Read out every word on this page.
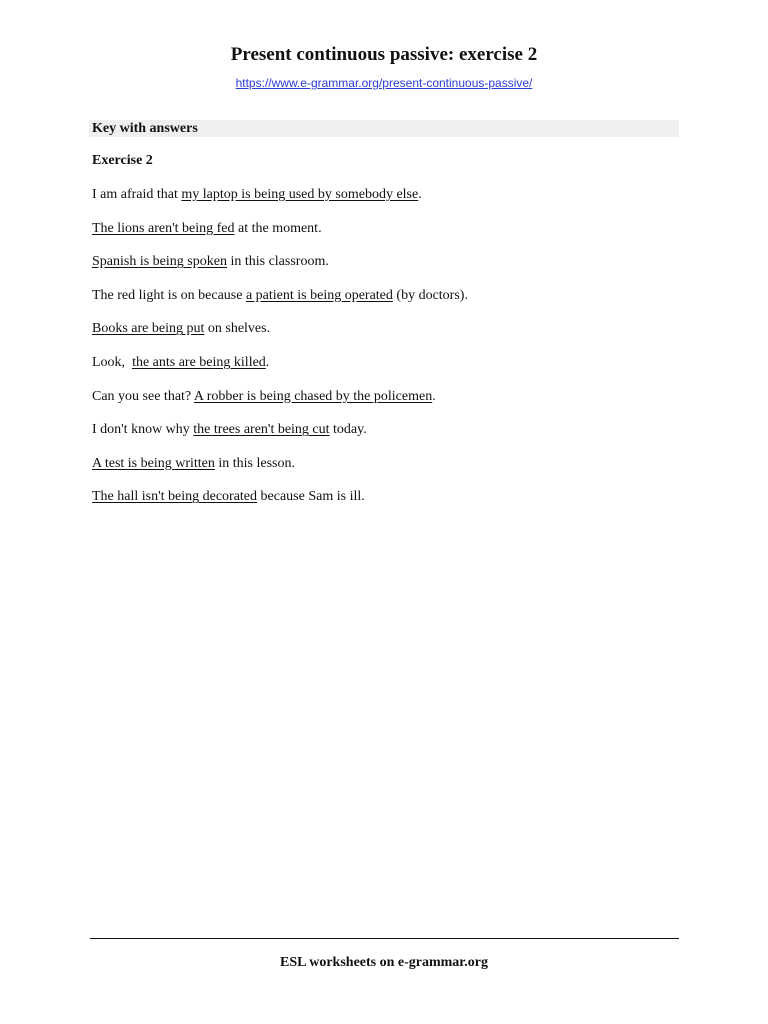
Present continuous passive: exercise 2
https://www.e-grammar.org/present-continuous-passive/
Key with answers
Exercise 2
I am afraid that my laptop is being used by somebody else.
The lions aren't being fed at the moment.
Spanish is being spoken in this classroom.
The red light is on because a patient is being operated (by doctors).
Books are being put on shelves.
Look,  the ants are being killed.
Can you see that? A robber is being chased by the policemen.
I don't know why the trees aren't being cut today.
A test is being written in this lesson.
The hall isn't being decorated because Sam is ill.
ESL worksheets on e-grammar.org
